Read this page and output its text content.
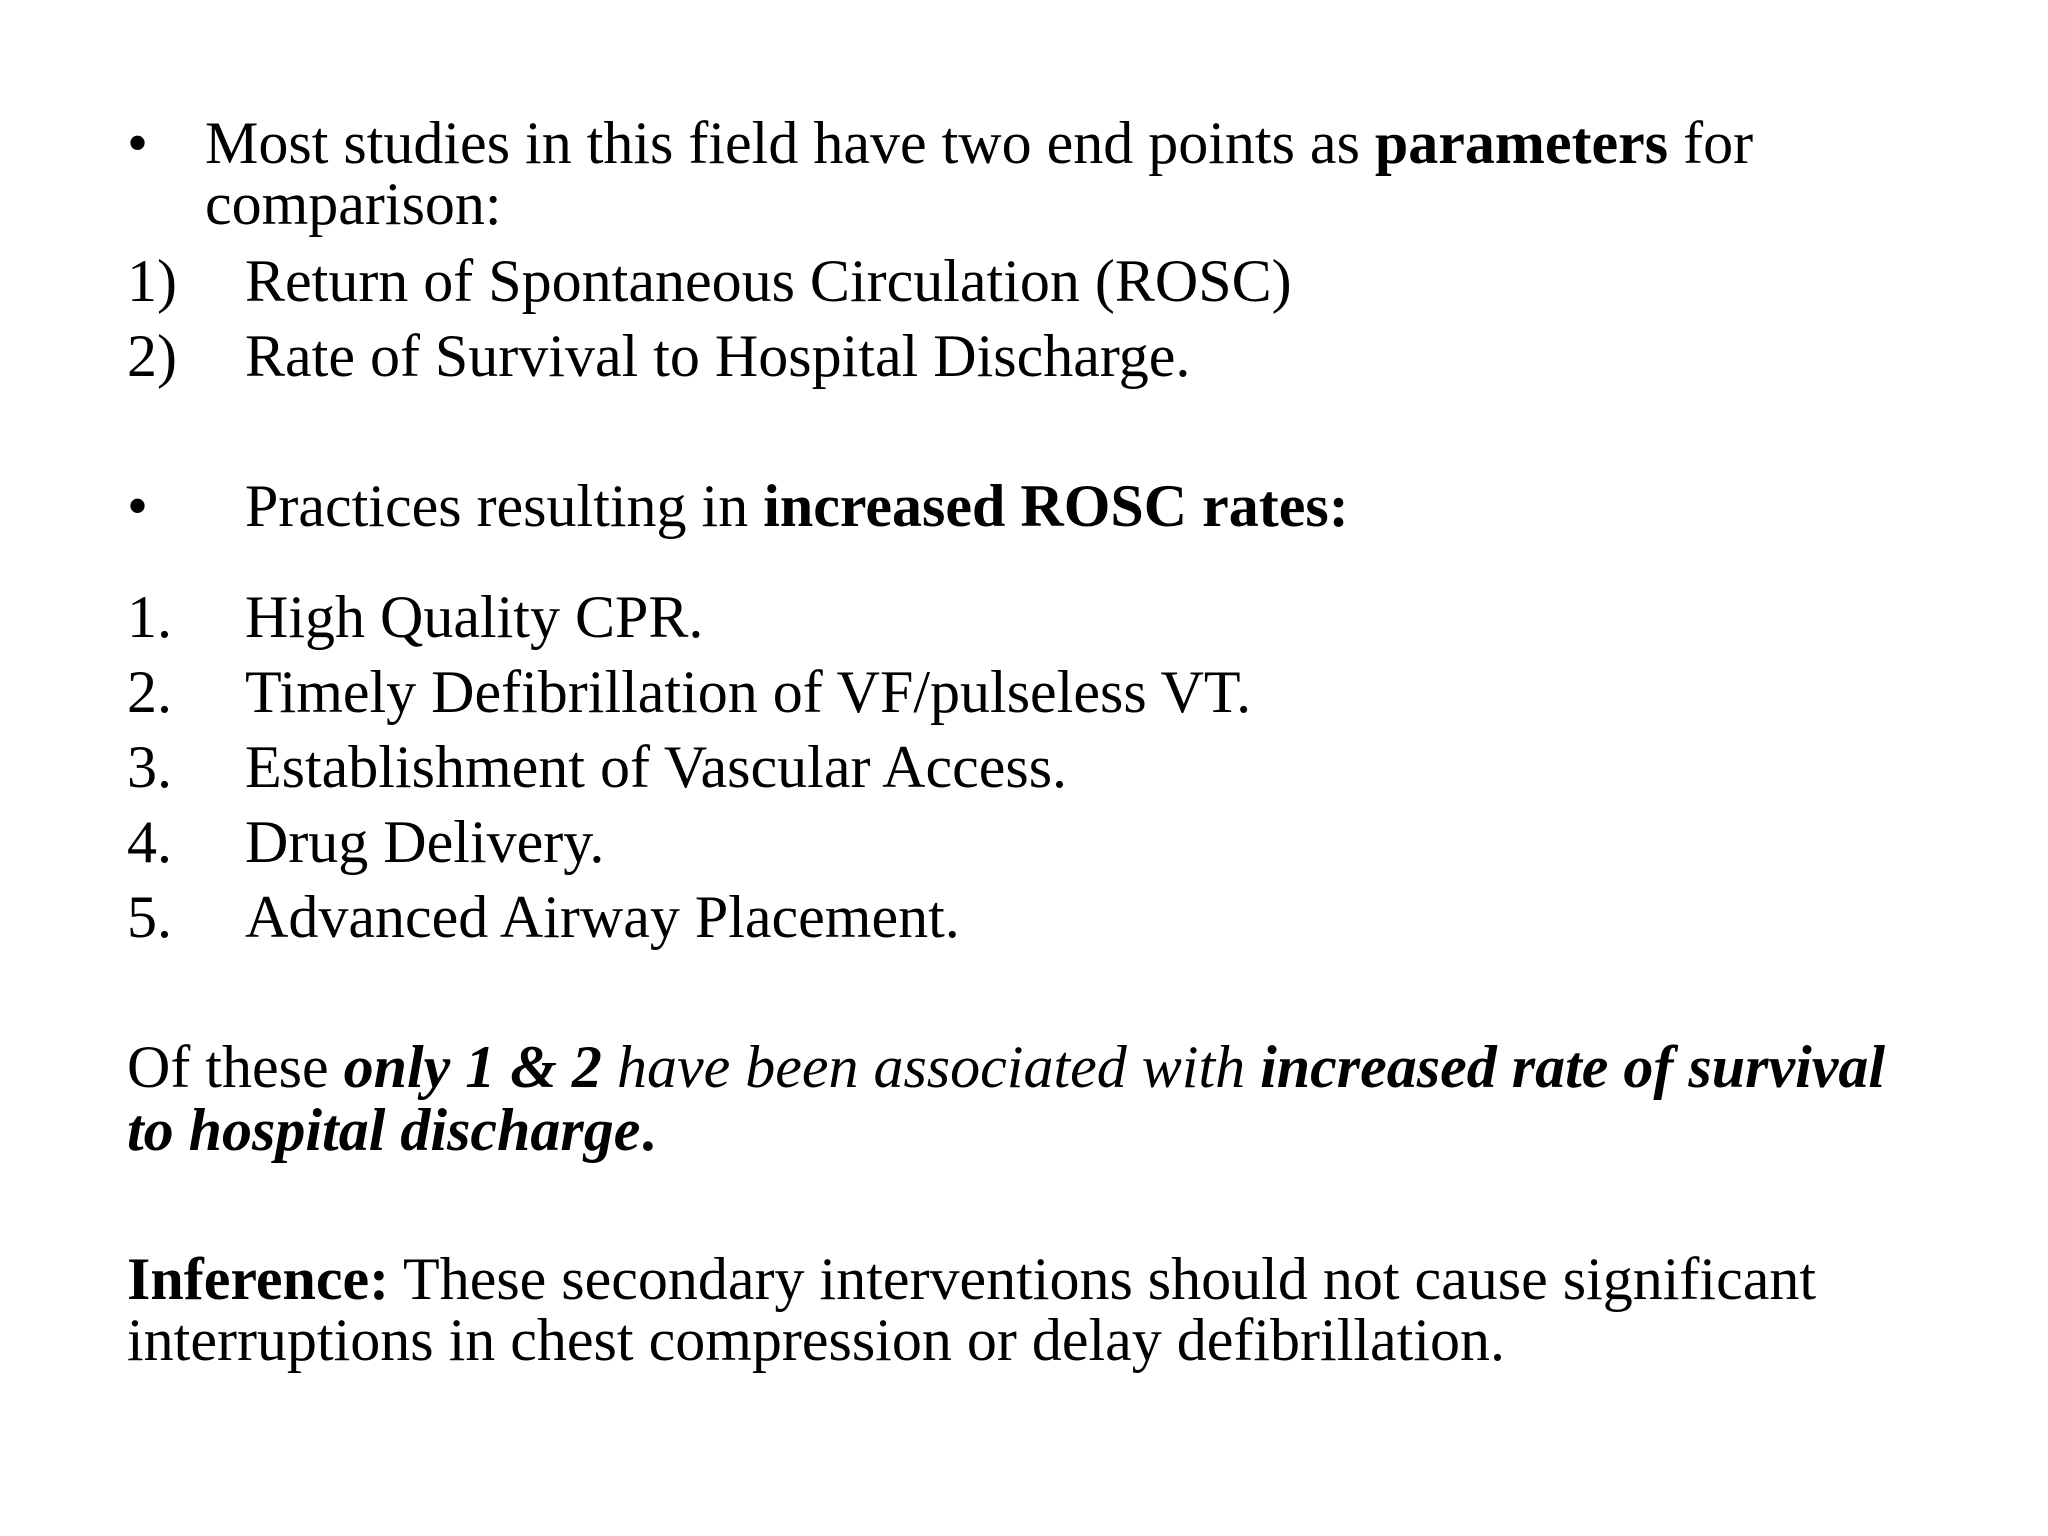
• Most studies in this field have two end points as parameters for
comparison:
1) Return of Spontaneous Circulation (ROSC)
2) Rate of Survival to Hospital Discharge.
• Practices resulting in increased ROSC rates:
1. High Quality CPR.
2. Timely Defibrillation of VF/pulseless VT.
3. Establishment of Vascular Access.
4. Drug Delivery.
5. Advanced Airway Placement.
Of these only 1 & 2 have been associated with increased rate of survival
to hospital discharge.
Inference: These secondary interventions should not cause significant
interruptions in chest compression or delay defibrillation.
